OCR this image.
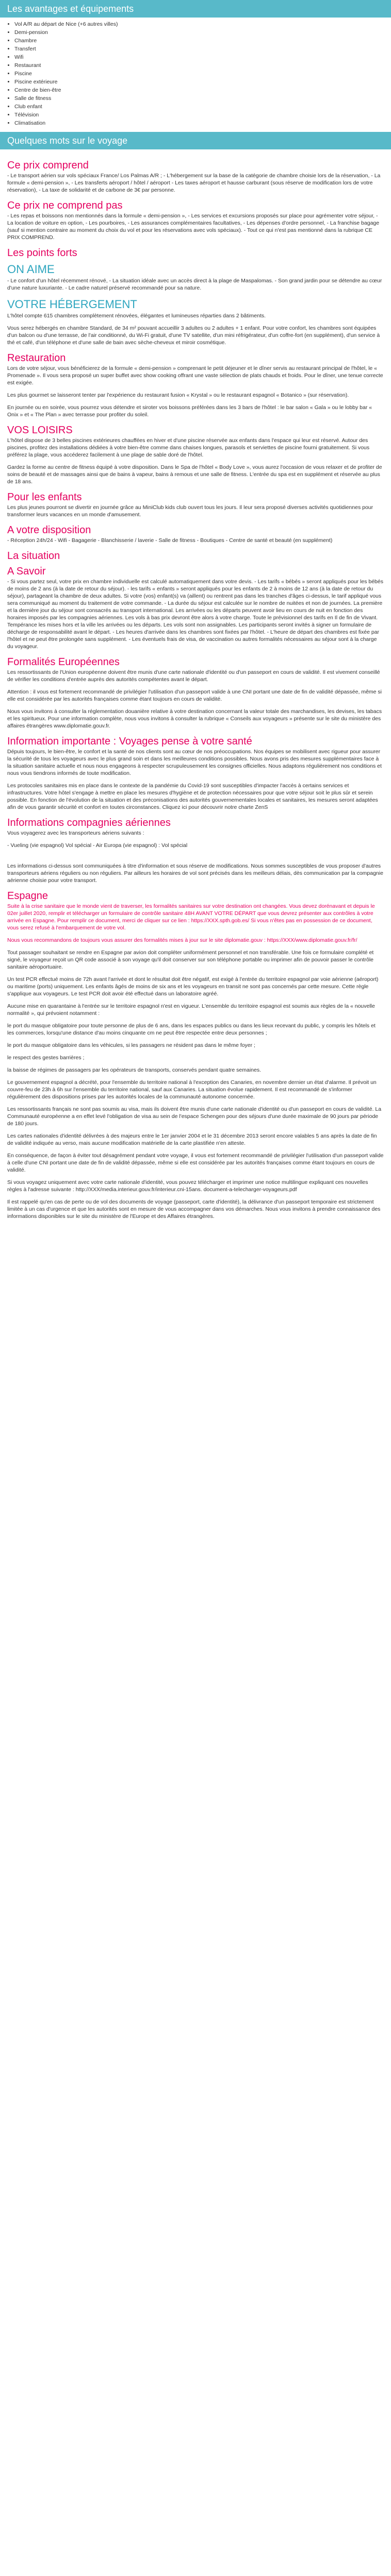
Les avantages et équipements
• Vol A/R au départ de Nice (+6 autres villes)
• Demi-pension
• Chambre
• Transfert
• Wifi
• Restaurant
• Piscine
• Piscine extérieure
• Centre de bien-être
• Salle de fitness
• Club enfant
• Télévision
• Climatisation
Quelques mots sur le voyage
Ce prix comprend
- Le transport aérien sur vols spéciaux France/ Los Palmas A/R ; - L'hébergement sur la base de la catégorie de chambre choisie lors de la réservation, - La formule « demi-pension », - Les transferts aéroport / hôtel / aéroport - Les taxes aéroport et hausse carburant (sous réserve de modification lors de votre réservation), - La taxe de solidarité et de carbone de 3€ par personne.
Ce prix ne comprend pas
- Les repas et boissons non mentionnés dans la formule « demi-pension », - Les services et excursions proposés sur place pour agrémenter votre séjour, - La location de voiture en option, - Les pourboires, - Les assurances complémentaires facultatives, - Les dépenses d'ordre personnel, - La franchise bagage (sauf si mention contraire au moment du choix du vol et pour les réservations avec vols spéciaux). - Tout ce qui n'est pas mentionné dans la rubrique CE PRIX COMPREND.
Les points forts
ON AIME
- Le confort d'un hôtel récemment rénové, - La situation idéale avec un accès direct à la plage de Maspalomas. - Son grand jardin pour se détendre au cœur d'une nature luxuriante. - Le cadre naturel préservé recommandé pour sa nature.
VOTRE HÉBERGEMENT
L'hôtel compte 615 chambres complètement rénovées, élégantes et lumineuses réparties dans 2 bâtiments.
Vous serez hébergés en chambre Standard, de 34 m² pouvant accueillir 3 adultes ou 2 adultes + 1 enfant. Pour votre confort, les chambres sont équipées d'un balcon ou d'une terrasse, de l'air conditionné, du Wi-Fi gratuit, d'une TV satellite, d'un mini réfrigérateur, d'un coffre-fort (en supplément), d'un service à thé et café, d'un téléphone et d'une salle de bain avec sèche-cheveux et miroir cosmétique.
Restauration
Lors de votre séjour, vous bénéficierez de la formule « demi-pension » comprenant le petit déjeuner et le dîner servis au restaurant principal de l'hôtel, le « Promenade ». Il vous sera proposé un super buffet avec show cooking offrant une vaste sélection de plats chauds et froids. Pour le dîner, une tenue correcte est exigée.
Les plus gourmet se laisseront tenter par l'expérience du restaurant fusion « Krystal » ou le restaurant espagnol « Botanico » (sur réservation).
En journée ou en soirée, vous pourrez vous détendre et siroter vos boissons préférées dans les 3 bars de l'hôtel : le bar salon « Gala » ou le lobby bar « Onix » et « The Plan » avec terrasse pour profiter du soleil.
VOS LOISIRS
L'hôtel dispose de 3 belles piscines extérieures chauffées en hiver et d'une piscine réservée aux enfants dans l'espace qui leur est réservé. Autour des piscines, profitez des installations dédiées à votre bien-être comme dans chaises longues, parasols et serviettes de piscine fourni gratuitement. Si vous préférez la plage, vous accéderez facilement à une plage de sable doré de l'hôtel.
Gardez la forme au centre de fitness équipé à votre disposition. Dans le Spa de l'hôtel « Body Love », vous aurez l'occasion de vous relaxer et de profiter de soins de beauté et de massages ainsi que de bains à vapeur, bains à remous et une salle de fitness. L'entrée du spa est en supplément et réservée au plus de 18 ans.
Pour les enfants
Les plus jeunes pourront se divertir en journée grâce au MiniClub kids club ouvert tous les jours. Il leur sera proposé diverses activités quotidiennes pour transformer leurs vacances en un monde d'amusement.
A votre disposition
- Réception 24h/24 - Wifi - Bagagerie - Blanchisserie / laverie - Salle de fitness - Boutiques - Centre de santé et beauté (en supplément)
La situation
A Savoir
- Si vous partez seul, votre prix en chambre individuelle est calculé automatiquement dans votre devis. - Les tarifs « bébés » seront appliqués pour les bébés de moins de 2 ans (à la date de retour du séjour). - les tarifs « enfants » seront appliqués pour les enfants de 2 à moins de 12 ans (à la date de retour du séjour), partageant la chambre de deux adultes. Si votre (vos) enfant(s) va (aillent) ou rentrent pas dans les tranches d'âges ci-dessus, le tarif appliqué vous sera communiqué au moment du traitement de votre commande. - La durée du séjour est calculée sur le nombre de nuitées et non de journées. La première et la dernière jour du séjour sont consacrés au transport international. Les arrivées ou les départs peuvent avoir lieu en cours de nuit en fonction des horaires imposés par les compagnies aériennes. Les vols à bas prix devront être alors à votre charge. Toute le prévisionnel des tarifs en Il de fin de Vivant. Tempérance les mises hors et la ville les arrivées ou les départs. Les vols sont non assignables. Les participants seront invités à signer un formulaire de décharge de responsabilité avant le départ. - Les heures d'arrivée dans les chambres sont fixées par l'hôtel. - L'heure de départ des chambres est fixée par l'hôtel et ne peut être prolongée sans supplément. - Les éventuels frais de visa, de vaccination ou autres formalités nécessaires au séjour sont à la charge du voyageur.
Formalités Européennes
Les ressortissants de l'Union européenne doivent être munis d'une carte nationale d'identité ou d'un passeport en cours de validité. Il est vivement conseillé de vérifier les conditions d'entrée auprès des autorités compétentes avant le départ.
Attention : il vous est fortement recommandé de privilégier l'utilisation d'un passeport valide à une CNI portant une date de fin de validité dépassée, même si elle est considérée par les autorités françaises comme étant toujours en cours de validité.
Nous vous invitons à consulter la réglementation douanière relative à votre destination concernant la valeur totale des marchandises, les devises, les tabacs et les spiritueux. Pour une information complète, nous vous invitons à consulter la rubrique « Conseils aux voyageurs » présente sur le site du ministère des affaires étrangères www.diplomatie.gouv.fr.
Information importante : Voyages pense à votre santé
Dépuis toujours, le bien-être, le confort et la santé de nos clients sont au cœur de nos préoccupations. Nos équipes se mobilisent avec rigueur pour assurer la sécurité de tous les voyageurs avec le plus grand soin et dans les meilleures conditions possibles. Nous avons pris des mesures supplémentaires face à la situation sanitaire actuelle et nous nous engageons à respecter scrupuleusement les consignes officielles. Nous adaptons régulièrement nos conditions et nous vous tiendrons informés de toute modification.
Les protocoles sanitaires mis en place dans le contexte de la pandémie du Covid-19 sont susceptibles d'impacter l'accès à certains services et infrastructures. Votre hôtel s'engage à mettre en place les mesures d'hygiène et de protection nécessaires pour que votre séjour soit le plus sûr et serein possible. En fonction de l'évolution de la situation et des préconisations des autorités gouvernementales locales et sanitaires, les mesures seront adaptées afin de vous garantir sécurité et confort en toutes circonstances. Cliquez ici pour découvrir notre charte ZenS
Informations compagnies aériennes
Vous voyagerez avec les transporteurs aériens suivants :
- Vueling (vie espagnol) Vol spécial - Air Europa (vie espagnol) : Vol spécial
Les informations ci-dessus sont communiquées à titre d'information et sous réserve de modifications. Nous sommes susceptibles de vous proposer d'autres transporteurs aériens réguliers ou non réguliers. Par ailleurs les horaires de vol sont précisés dans les meilleurs délais, dès communication par la compagnie aérienne choisie pour votre transport.
Espagne
Suite à la crise sanitaire que le monde vient de traverser, les formalités sanitaires sur votre destination ont changées. Vous devez dorénavant et depuis le 02er juillet 2020, remplir et télécharger un formulaire de contrôle sanitaire 48H AVANT VOTRE DÉPART que vous devrez présenter aux contrôles à votre arrivée en Espagne. Pour remplir ce document, merci de cliquer sur ce lien : https://XXX.spth.gob.es/ Si vous n'êtes pas en possession de ce document, vous serez refusé à l'embarquement de votre vol.
Nous vous recommandons de toujours vous assurer des formalités mises à jour sur le site diplomatie.gouv : https://XXX/www.diplomatie.gouv.fr/fr/
Tout passager souhaitant se rendre en Espagne par avion doit compléter uniformément personnel et non transférable. Une fois ce formulaire complété et signé, le voyageur reçoit un QR code associé à son voyage qu'il doit conserver sur son téléphone portable ou imprimer afin de pouvoir passer le contrôle sanitaire aéroportuaire.
Un test PCR effectué moins de 72h avant l'arrivée et dont le résultat doit être négatif, est exigé à l'entrée du territoire espagnol par voie aérienne (aéroport) ou maritime (ports) uniquement. Les enfants âgés de moins de six ans et les voyageurs en transit ne sont pas concernés par cette mesure. Cette règle s'applique aux voyageurs. Le test PCR doit avoir été effectué dans un laboratoire agréé.
Aucune mise en quarantaine à l'entrée sur le territoire espagnol n'est en vigueur. L'ensemble du territoire espagnol est soumis aux règles de la « nouvelle normalité », qui prévoient notamment :
le port du masque obligatoire pour toute personne de plus de 6 ans, dans les espaces publics ou dans les lieux recevant du public, y compris les hôtels et les commerces, lorsqu'une distance d'au moins cinquante cm ne peut être respectée entre deux personnes ;
le port du masque obligatoire dans les véhicules, si les passagers ne résident pas dans le même foyer ;
le respect des gestes barrières ;
la baisse de régimes de passagers par les opérateurs de transports, conservés pendant quatre semaines.
Le gouvernement espagnol a décrété, pour l'ensemble du territoire national à l'exception des Canaries, en novembre dernier un état d'alarme. Il prévoit un couvre-feu de 23h à 6h sur l'ensemble du territoire national, sauf aux Canaries. La situation évolue rapidement. Il est recommandé de s'informer régulièrement des dispositions prises par les autorités locales de la communauté autonome concernée.
Les ressortissants français ne sont pas soumis au visa, mais ils doivent être munis d'une carte nationale d'identité ou d'un passeport en cours de validité. La Communauté européenne a en effet levé l'obligation de visa au sein de l'espace Schengen pour des séjours d'une durée maximale de 90 jours par période de 180 jours.
Les cartes nationales d'identité délivrées à des majeurs entre le 1er janvier 2004 et le 31 décembre 2013 seront encore valables 5 ans après la date de fin de validité indiquée au verso, mais aucune modification matérielle de la carte plastifiée n'en atteste.
En conséquence, de façon à éviter tout désagrément pendant votre voyage, il vous est fortement recommandé de privilégier l'utilisation d'un passeport valide à celle d'une CNI portant une date de fin de validité dépassée, même si elle est considérée par les autorités françaises comme étant toujours en cours de validité.
Si vous voyagez uniquement avec votre carte nationale d'identité, vous pouvez télécharger et imprimer une notice multilingue expliquant ces nouvelles règles à l'adresse suivante : http://XXX/media.interieur.gouv.fr/interieur.cni-15ans. document-a-telecharger-voyageurs.pdf
Il est rappelé qu'en cas de perte ou de vol des documents de voyage (passeport, carte d'identité), la délivrance d'un passeport temporaire est strictement limitée à un cas d'urgence et que les autorités sont en mesure de vous accompagner dans vos démarches. Nous vous invitons à prendre connaissance des informations disponibles sur le site du ministère de l'Europe et des Affaires étrangères.
